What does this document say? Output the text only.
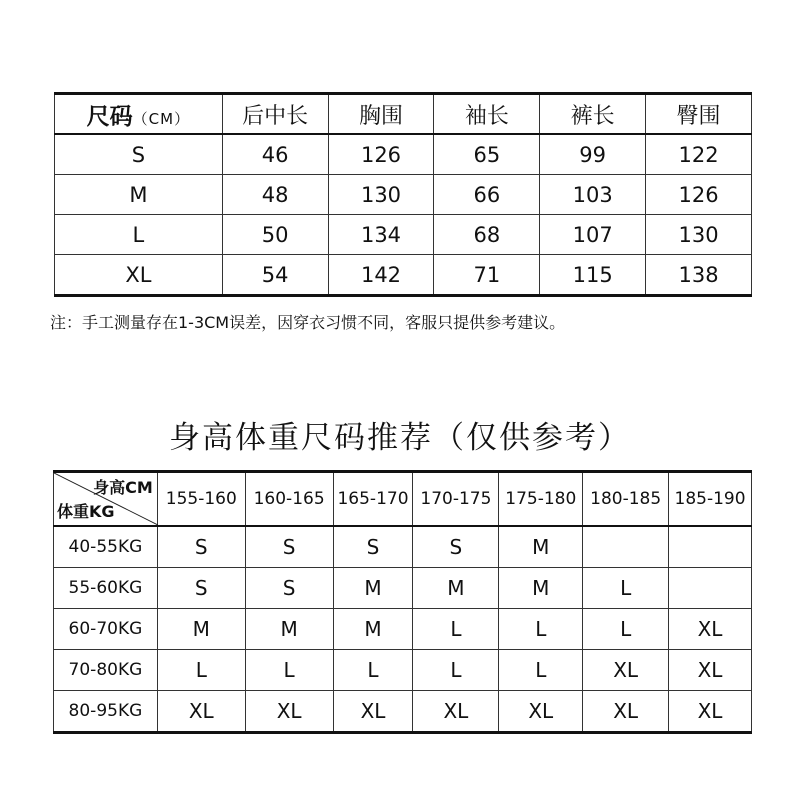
尺码（CM）	后中长	胸围	袖长	裤长	臀围
S	46	126	65	99	122
M	48	130	66	103	126
L	50	134	68	107	130
XL	54	142	71	115	138
注：手工测量存在1-3CM误差，因穿衣习惯不同，客服只提供参考建议。
身高体重尺码推荐（仅供参考）
身高CM
体重KG	155-160	160-165	165-170	170-175	175-180	180-185	185-190
40-55KG	S	S	S	S	M		
55-60KG	S	S	M	M	M	L	
60-70KG	M	M	M	L	L	L	XL
70-80KG	L	L	L	L	L	XL	XL
80-95KG	XL	XL	XL	XL	XL	XL	XL
